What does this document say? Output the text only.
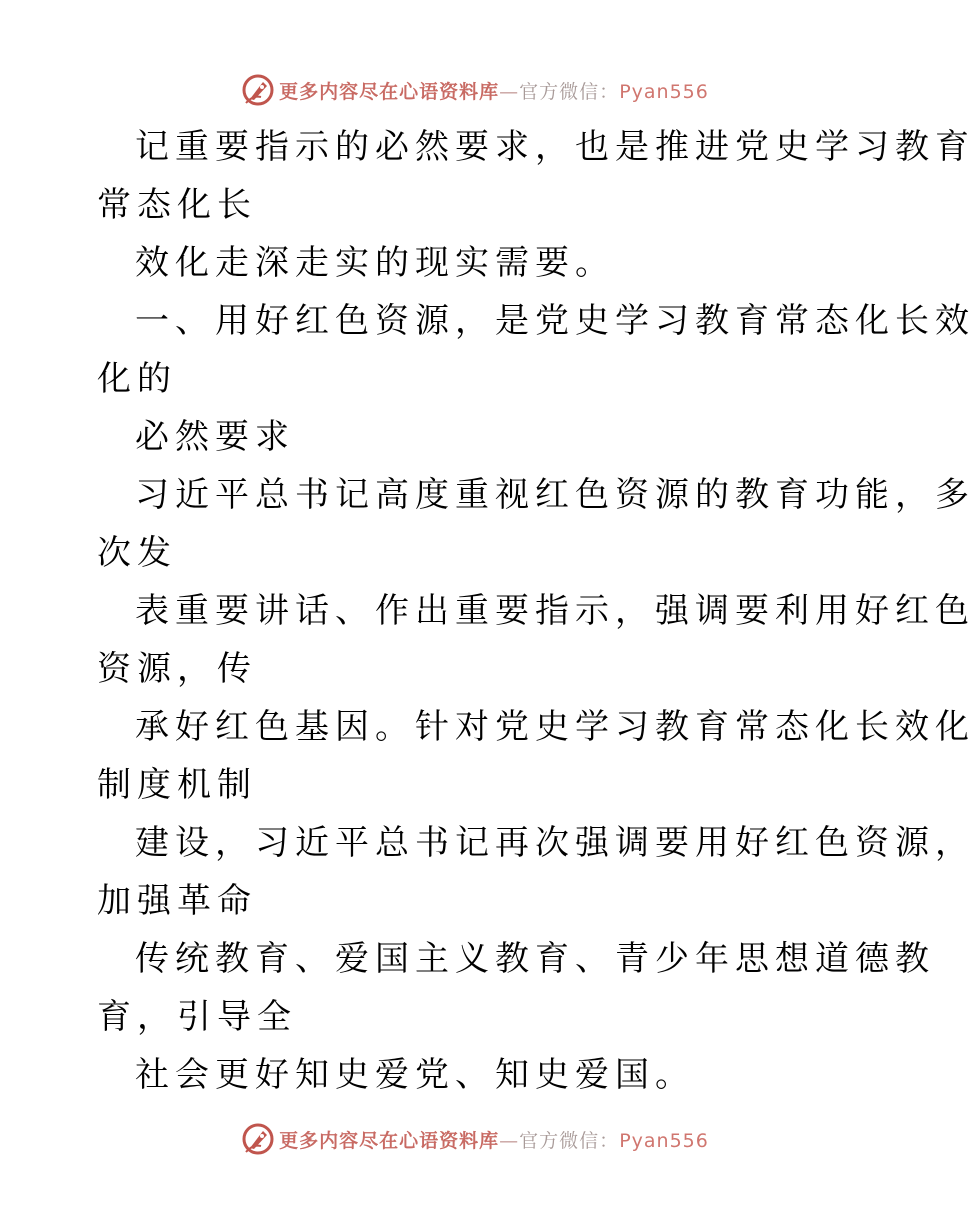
更多内容尽在心语资料库—官方微信：Pyan556
记重要指示的必然要求，也是推进党史学习教育
常态化长
效化走深走实的现实需要。
一、用好红色资源，是党史学习教育常态化长效
化的
必然要求
习近平总书记高度重视红色资源的教育功能，多
次发
表重要讲话、作出重要指示，强调要利用好红色
资源，传
承好红色基因。针对党史学习教育常态化长效化
制度机制
建设，习近平总书记再次强调要用好红色资源，
加强革命
传统教育、爱国主义教育、青少年思想道德教
育，引导全
社会更好知史爱党、知史爱国。
更多内容尽在心语资料库—官方微信：Pyan556
